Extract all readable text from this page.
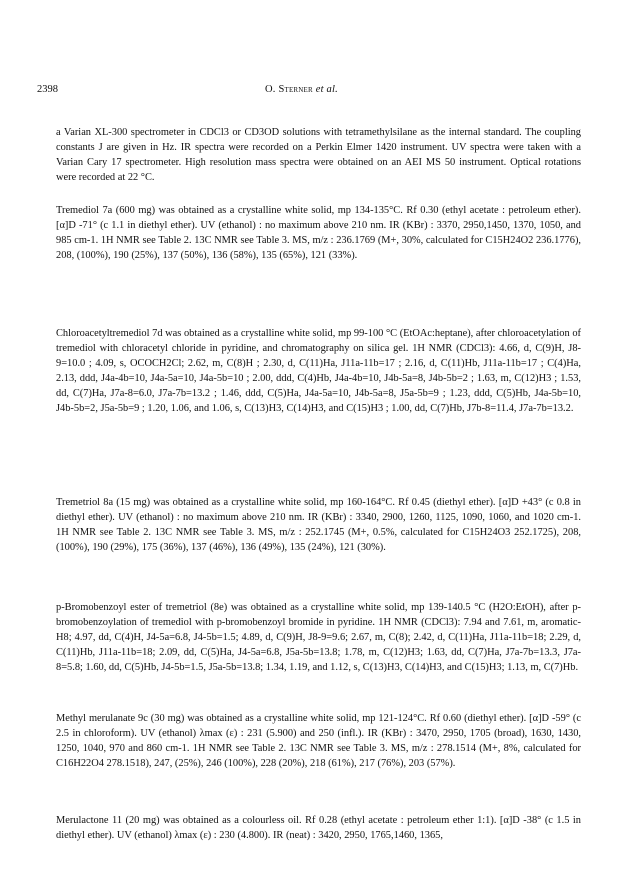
2398	O. Sterner et al.

a Varian XL-300 spectrometer in CDCl3 or CD3OD solutions with tetramethylsilane as the internal standard. The coupling constants J are given in Hz. IR spectra were recorded on a Perkin Elmer 1420 instrument. UV spectra were taken with a Varian Cary 17 spectrometer. High resolution mass spectra were obtained on an AEI MS 50 instrument. Optical rotations were recorded at 22 °C.

Tremediol 7a (600 mg) was obtained as a crystalline white solid, mp 134-135°C. Rf 0.30 (ethyl acetate : petroleum ether). [α]D -71° (c 1.1 in diethyl ether). UV (ethanol) : no maximum above 210 nm. IR (KBr) : 3370, 2950,1450, 1370, 1050, and 985 cm-1. 1H NMR see Table 2. 13C NMR see Table 3. MS, m/z : 236.1769 (M+, 30%, calculated for C15H24O2 236.1776), 208, (100%), 190 (25%), 137 (50%), 136 (58%), 135 (65%), 121 (33%).

Chloroacetyltremediol 7d was obtained as a crystalline white solid, mp 99-100 °C (EtOAc:heptane), after chloroacetylation of tremediol with chloracetyl chloride in pyridine, and chromatography on silica gel. 1H NMR (CDCl3): 4.66, d, C(9)H, J8-9=10.0 ; 4.09, s, OCOCH2Cl; 2.62, m, C(8)H ; 2.30, d, C(11)Ha, J11a-11b=17 ; 2.16, d, C(11)Hb, J11a-11b=17 ; C(4)Ha, 2.13, ddd, J4a-4b=10, J4a-5a=10, J4a-5b=10 ; 2.00, ddd, C(4)Hb, J4a-4b=10, J4b-5a=8, J4b-5b=2 ; 1.63, m, C(12)H3 ; 1.53, dd, C(7)Ha, J7a-8=6.0, J7a-7b=13.2 ; 1.46, ddd, C(5)Ha, J4a-5a=10, J4b-5a=8, J5a-5b=9 ; 1.23, ddd, C(5)Hb, J4a-5b=10, J4b-5b=2, J5a-5b=9 ; 1.20, 1.06, and 1.06, s, C(13)H3, C(14)H3, and C(15)H3 ; 1.00, dd, C(7)Hb, J7b-8=11.4, J7a-7b=13.2.

Tremetriol 8a (15 mg) was obtained as a crystalline white solid, mp 160-164°C. Rf 0.45 (diethyl ether). [α]D +43° (c 0.8 in diethyl ether). UV (ethanol) : no maximum above 210 nm. IR (KBr) : 3340, 2900, 1260, 1125, 1090, 1060, and 1020 cm-1. 1H NMR see Table 2. 13C NMR see Table 3. MS, m/z : 252.1745 (M+, 0.5%, calculated for C15H24O3 252.1725), 208, (100%), 190 (29%), 175 (36%), 137 (46%), 136 (49%), 135 (24%), 121 (30%).

p-Bromobenzoyl ester of tremetriol (8e) was obtained as a crystalline white solid, mp 139-140.5 °C (H2O:EtOH), after p-bromobenzoylation of tremediol with p-bromobenzoyl bromide in pyridine. 1H NMR (CDCl3): 7.94 and 7.61, m, aromatic-H8; 4.97, dd, C(4)H, J4-5a=6.8, J4-5b=1.5; 4.89, d, C(9)H, J8-9=9.6; 2.67, m, C(8); 2.42, d, C(11)Ha, J11a-11b=18; 2.29, d, C(11)Hb, J11a-11b=18; 2.09, dd, C(5)Ha, J4-5a=6.8, J5a-5b=13.8; 1.78, m, C(12)H3; 1.63, dd, C(7)Ha, J7a-7b=13.3, J7a-8=5.8; 1.60, dd, C(5)Hb, J4-5b=1.5, J5a-5b=13.8; 1.34, 1.19, and 1.12, s, C(13)H3, C(14)H3, and C(15)H3; 1.13, m, C(7)Hb.

Methyl merulanate 9c (30 mg) was obtained as a crystalline white solid, mp 121-124°C. Rf 0.60 (diethyl ether). [α]D -59° (c 2.5 in chloroform). UV (ethanol) λmax (ε) : 231 (5.900) and 250 (infl.). IR (KBr) : 3470, 2950, 1705 (broad), 1630, 1430, 1250, 1040, 970 and 860 cm-1. 1H NMR see Table 2. 13C NMR see Table 3. MS, m/z : 278.1514 (M+, 8%, calculated for C16H22O4 278.1518), 247, (25%), 246 (100%), 228 (20%), 218 (61%), 217 (76%), 203 (57%).

Merulactone 11 (20 mg) was obtained as a colourless oil. Rf 0.28 (ethyl acetate : petroleum ether 1:1). [α]D -38° (c 1.5 in diethyl ether). UV (ethanol) λmax (ε) : 230 (4.800). IR (neat) : 3420, 2950, 1765,1460, 1365,
